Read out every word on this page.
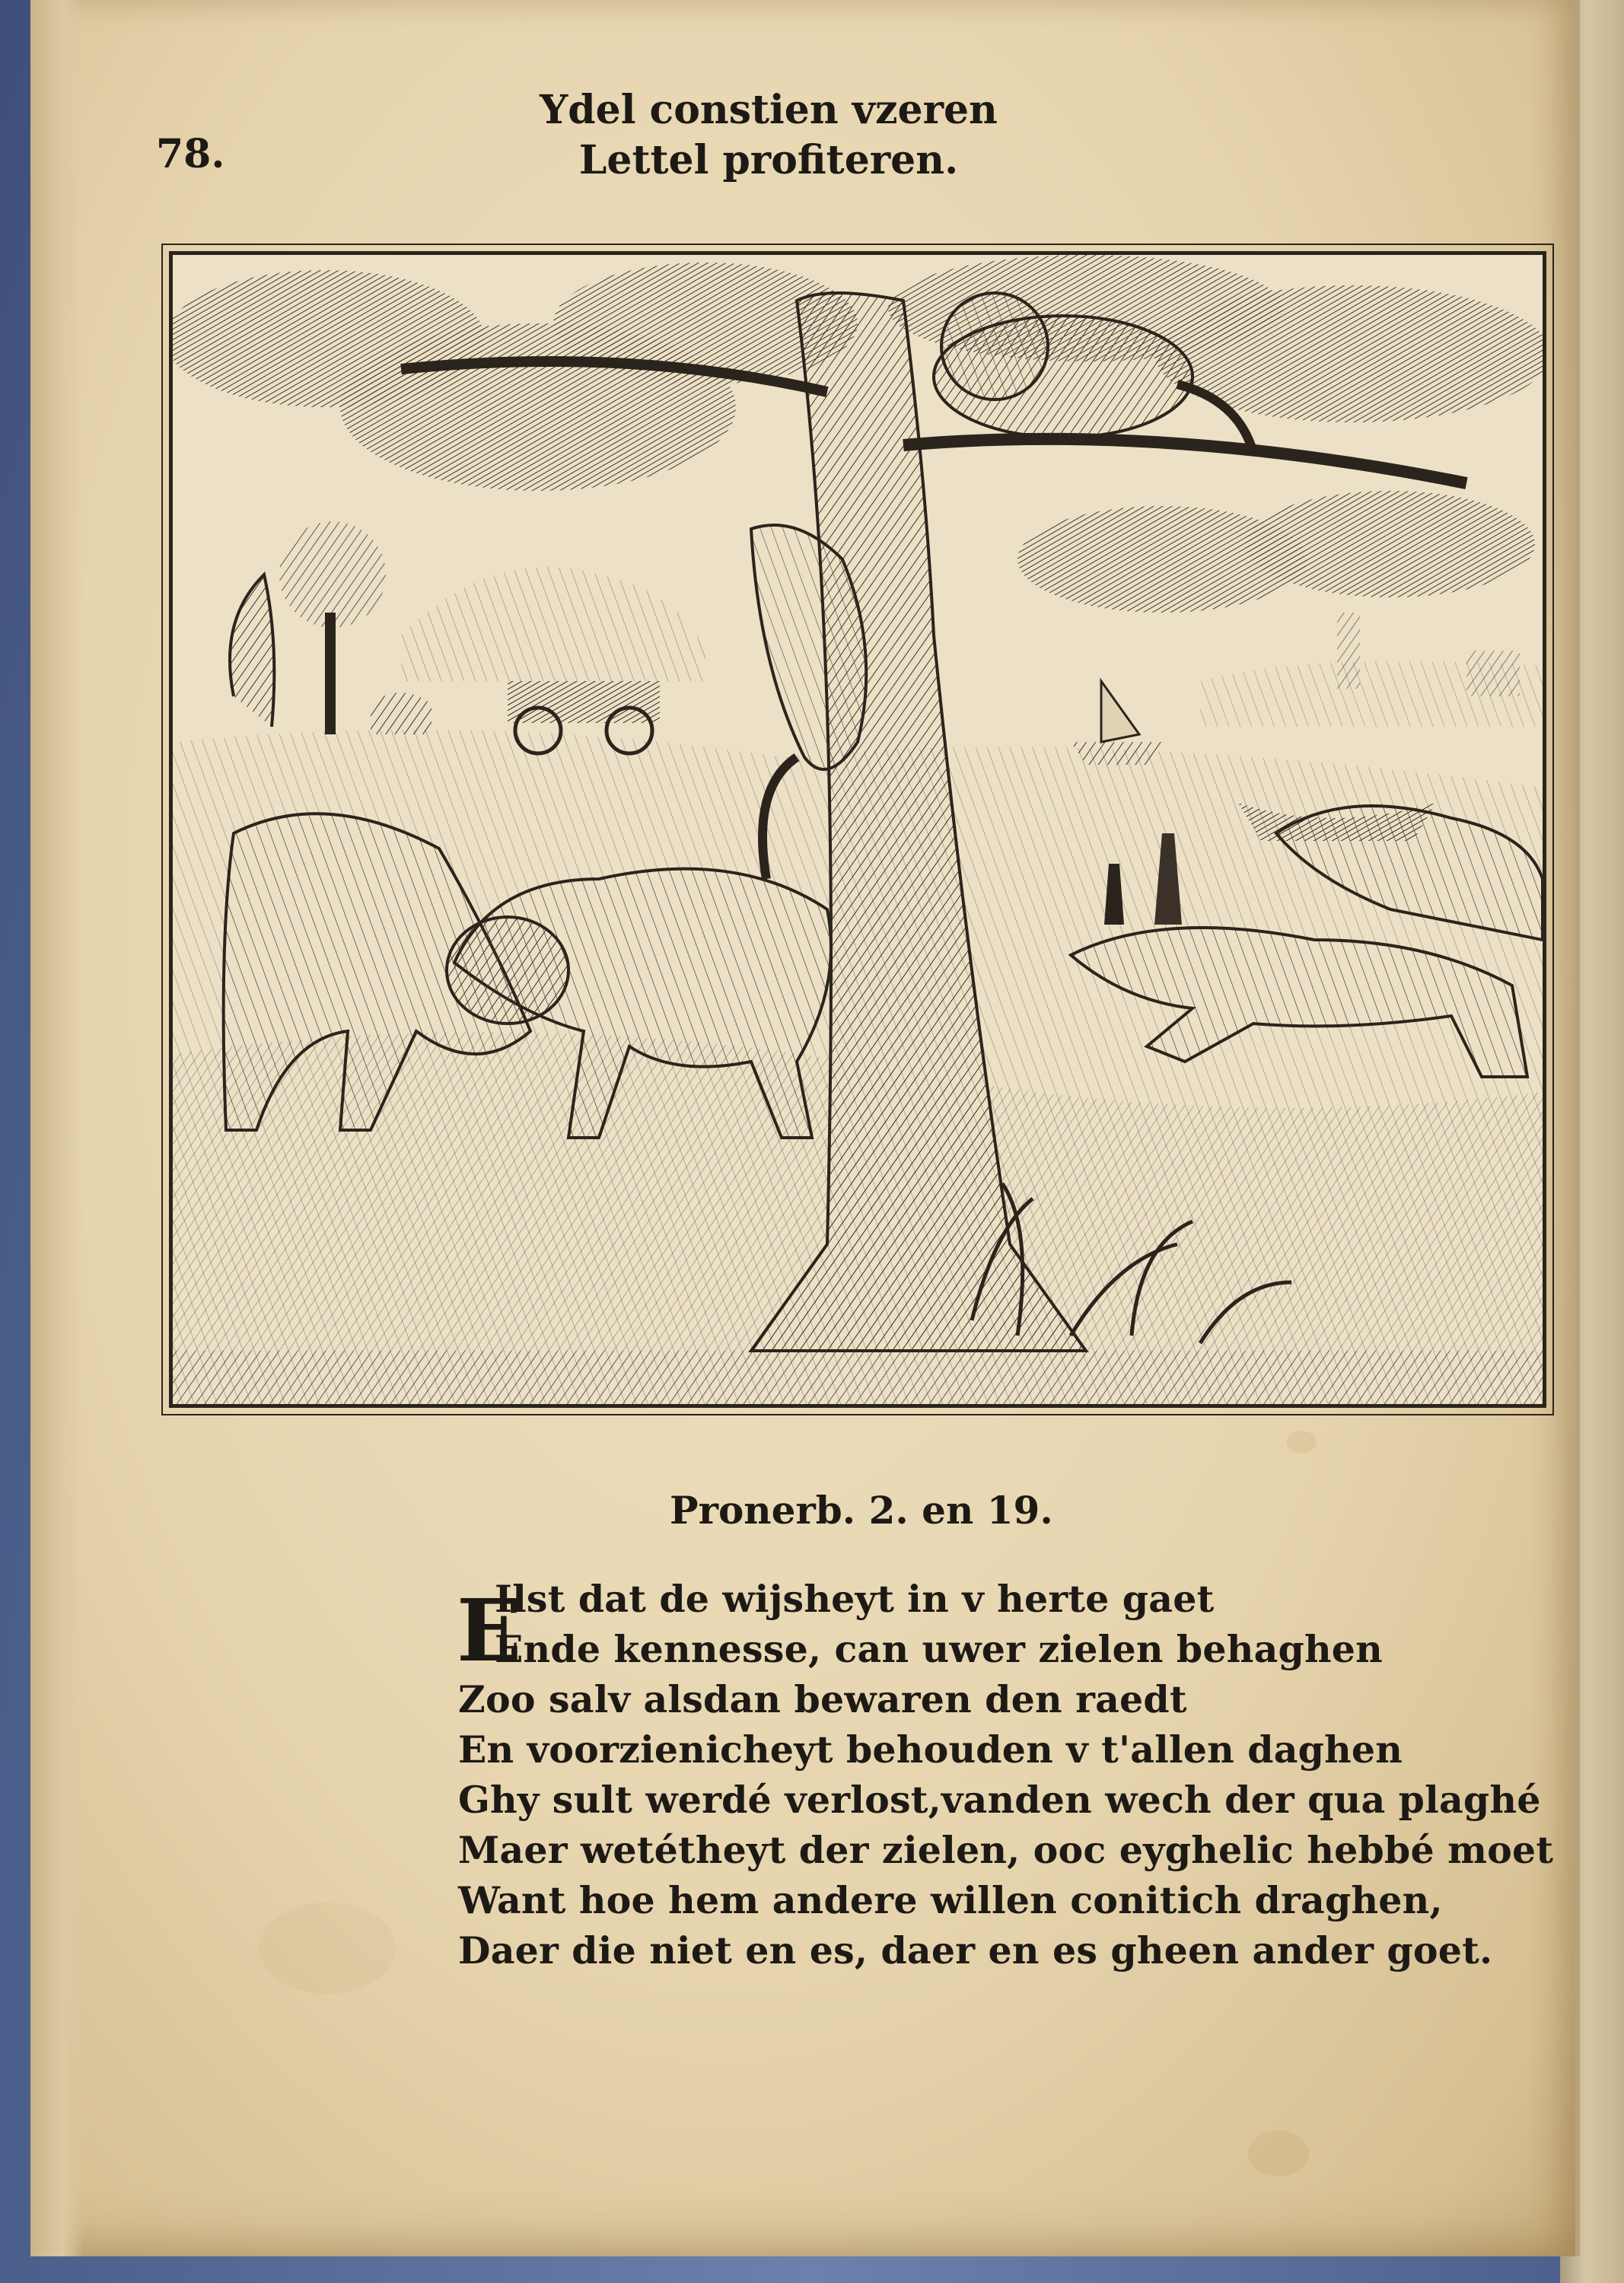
78.
Ydel constien vzeren
Lettel profiteren.
Pronerb. 2. en 19.
E
Ilst dat de wijsheyt in v herte gaet
Ende kennesse, can uwer zielen behaghen
Zoo salv alsdan bewaren den raedt
En voorzienicheyt behouden v t'allen daghen
Ghy sult werdé verlost,vanden wech der qua plaghé
Maer wetétheyt der zielen, ooc eyghelic hebbé moet
Want hoe hem andere willen conitich draghen,
Daer die niet en es, daer en es gheen ander goet.
